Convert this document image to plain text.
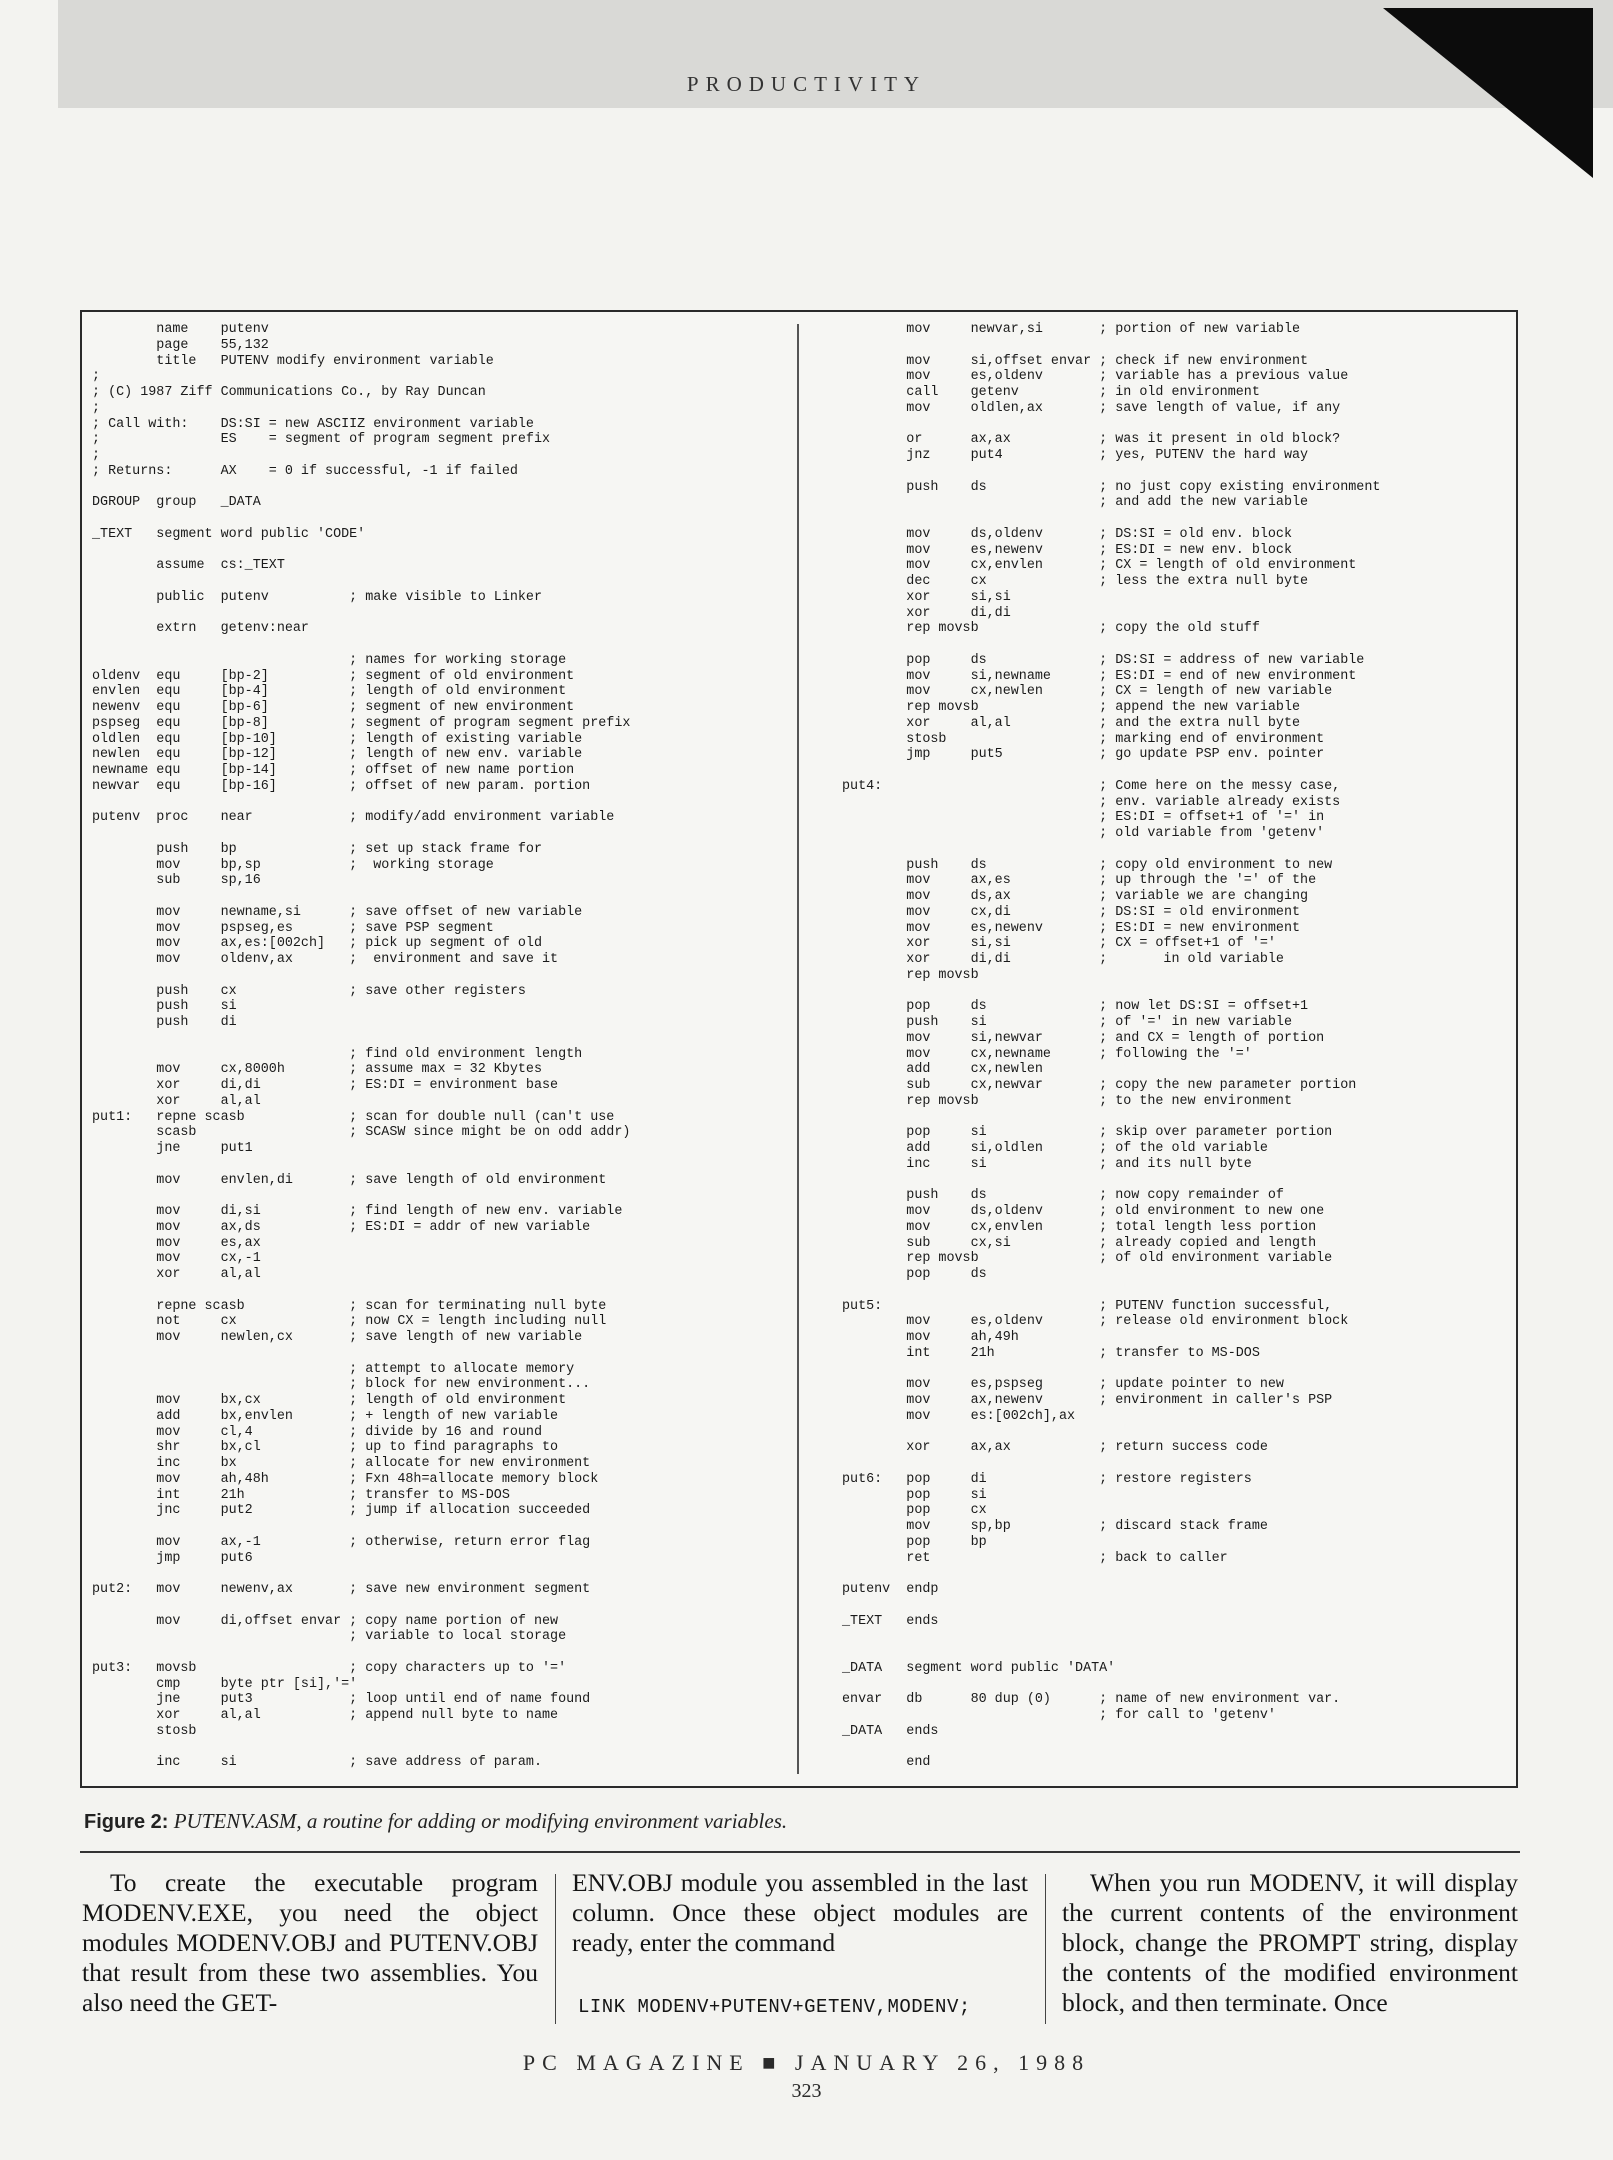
PRODUCTIVITY
name    putenv
page    55,132
title   PUTENV modify environment variable
;
; (C) 1987 Ziff Communications Co., by Ray Duncan
;
; Call with:    DS:SI = new ASCIIZ environment variable
;               ES    = segment of program segment prefix
;
; Returns:      AX    = 0 if successful, -1 if failed

DGROUP  group   _DATA

_TEXT   segment word public 'CODE'

assume  cs:_TEXT

public  putenv          ; make visible to Linker

extrn   getenv:near

; names for working storage
oldenv  equ     [bp-2]          ; segment of old environment
envlen  equ     [bp-4]          ; length of old environment
newenv  equ     [bp-6]          ; segment of new environment
pspseg  equ     [bp-8]          ; segment of program segment prefix
oldlen  equ     [bp-10]         ; length of existing variable
newlen  equ     [bp-12]         ; length of new env. variable
newname equ     [bp-14]         ; offset of new name portion
newvar  equ     [bp-16]         ; offset of new param. portion

putenv  proc    near            ; modify/add environment variable

push    bp              ; set up stack frame for
mov     bp,sp           ;  working storage
sub     sp,16

mov     newname,si      ; save offset of new variable
mov     pspseg,es       ; save PSP segment
mov     ax,es:[002ch]   ; pick up segment of old
mov     oldenv,ax       ;  environment and save it

push    cx              ; save other registers
push    si
push    di

; find old environment length
mov     cx,8000h        ; assume max = 32 Kbytes
xor     di,di           ; ES:DI = environment base
xor     al,al
put1:   repne scasb             ; scan for double null (can't use
scasb                   ; SCASW since might be on odd addr)
jne     put1

mov     envlen,di       ; save length of old environment

mov     di,si           ; find length of new env. variable
mov     ax,ds           ; ES:DI = addr of new variable
mov     es,ax
mov     cx,-1
xor     al,al

repne scasb             ; scan for terminating null byte
not     cx              ; now CX = length including null
mov     newlen,cx       ; save length of new variable

; attempt to allocate memory
; block for new environment...
mov     bx,cx           ; length of old environment
add     bx,envlen       ; + length of new variable
mov     cl,4            ; divide by 16 and round
shr     bx,cl           ; up to find paragraphs to
inc     bx              ; allocate for new environment
mov     ah,48h          ; Fxn 48h=allocate memory block
int     21h             ; transfer to MS-DOS
jnc     put2            ; jump if allocation succeeded

mov     ax,-1           ; otherwise, return error flag
jmp     put6

put2:   mov     newenv,ax       ; save new environment segment

mov     di,offset envar ; copy name portion of new
; variable to local storage

put3:   movsb                   ; copy characters up to '='
cmp     byte ptr [si],'='
jne     put3            ; loop until end of name found
xor     al,al           ; append null byte to name
stosb

inc     si              ; save address of param.
mov     newvar,si       ; portion of new variable

mov     si,offset envar ; check if new environment
mov     es,oldenv       ; variable has a previous value
call    getenv          ; in old environment
mov     oldlen,ax       ; save length of value, if any

or      ax,ax           ; was it present in old block?
jnz     put4            ; yes, PUTENV the hard way

push    ds              ; no just copy existing environment
; and add the new variable

mov     ds,oldenv       ; DS:SI = old env. block
mov     es,newenv       ; ES:DI = new env. block
mov     cx,envlen       ; CX = length of old environment
dec     cx              ; less the extra null byte
xor     si,si
xor     di,di
rep movsb               ; copy the old stuff

pop     ds              ; DS:SI = address of new variable
mov     si,newname      ; ES:DI = end of new environment
mov     cx,newlen       ; CX = length of new variable
rep movsb               ; append the new variable
xor     al,al           ; and the extra null byte
stosb                   ; marking end of environment
jmp     put5            ; go update PSP env. pointer

put4:                           ; Come here on the messy case,
; env. variable already exists
; ES:DI = offset+1 of '=' in
; old variable from 'getenv'

push    ds              ; copy old environment to new
mov     ax,es           ; up through the '=' of the
mov     ds,ax           ; variable we are changing
mov     cx,di           ; DS:SI = old environment
mov     es,newenv       ; ES:DI = new environment
xor     si,si           ; CX = offset+1 of '='
xor     di,di           ;       in old variable
rep movsb

pop     ds              ; now let DS:SI = offset+1
push    si              ; of '=' in new variable
mov     si,newvar       ; and CX = length of portion
mov     cx,newname      ; following the '='
add     cx,newlen
sub     cx,newvar       ; copy the new parameter portion
rep movsb               ; to the new environment

pop     si              ; skip over parameter portion
add     si,oldlen       ; of the old variable
inc     si              ; and its null byte

push    ds              ; now copy remainder of
mov     ds,oldenv       ; old environment to new one
mov     cx,envlen       ; total length less portion
sub     cx,si           ; already copied and length
rep movsb               ; of old environment variable
pop     ds

put5:                           ; PUTENV function successful,
mov     es,oldenv       ; release old environment block
mov     ah,49h
int     21h             ; transfer to MS-DOS

mov     es,pspseg       ; update pointer to new
mov     ax,newenv       ; environment in caller's PSP
mov     es:[002ch],ax

xor     ax,ax           ; return success code

put6:   pop     di              ; restore registers
pop     si
pop     cx
mov     sp,bp           ; discard stack frame
pop     bp
ret                     ; back to caller

putenv  endp

_TEXT   ends

_DATA   segment word public 'DATA'

envar   db      80 dup (0)      ; name of new environment var.
; for call to 'getenv'
_DATA   ends

end
Figure 2: PUTENV.ASM, a routine for adding or modifying environment variables.

To create the executable program MODENV.EXE, you need the object modules MODENV.OBJ and PUTENV.OBJ that result from these two assemblies. You also need the GET-

ENV.OBJ module you assembled in the last column. Once these object modules are ready, enter the command

LINK MODENV+PUTENV+GETENV,MODENV;

When you run MODENV, it will display the current contents of the environment block, change the PROMPT string, display the contents of the modified environment block, and then terminate. Once

PC MAGAZINE ■ JANUARY 26, 1988
323
